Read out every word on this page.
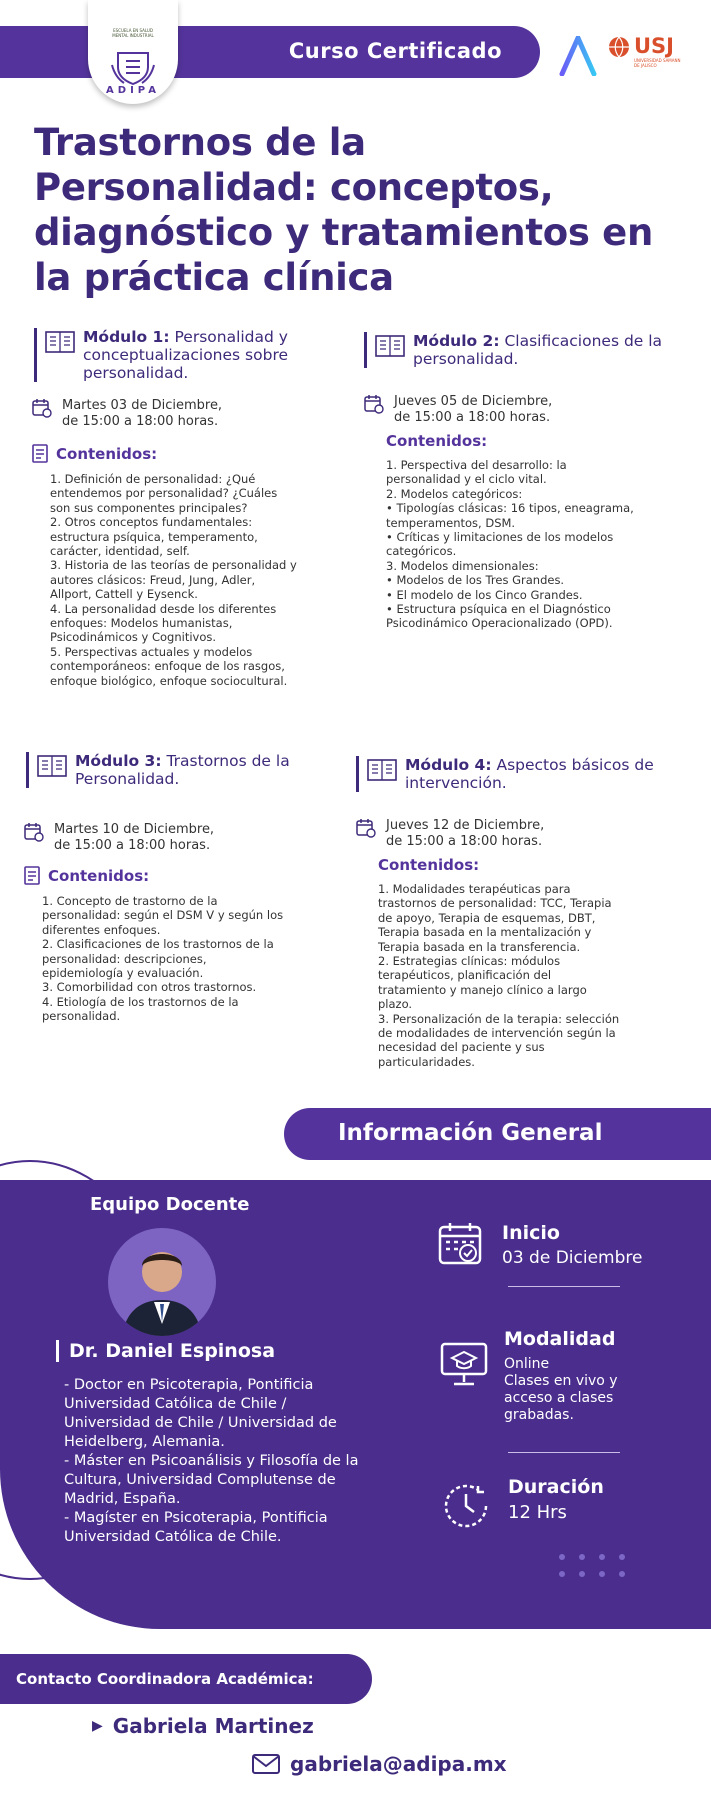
Curso Certificado
ESCUELA EN SALUD MENTAL INDUSTRIAL
ADIPA
USJ
UNIVERSIDAD SAMANN DE JALISCO
Trastornos de la Personalidad: conceptos, diagnóstico y tratamientos en la práctica clínica
Módulo 1: Personalidad y conceptualizaciones sobre personalidad.
Martes 03 de Diciembre,
de 15:00 a 18:00 horas.
Contenidos:
1. Definición de personalidad: ¿Qué
entendemos por personalidad? ¿Cuáles
son sus componentes principales?
2. Otros conceptos fundamentales:
estructura psíquica, temperamento,
carácter, identidad, self.
3. Historia de las teorías de personalidad y
autores clásicos: Freud, Jung, Adler,
Allport, Cattell y Eysenck.
4. La personalidad desde los diferentes
enfoques: Modelos humanistas,
Psicodinámicos y Cognitivos.
5. Perspectivas actuales y modelos
contemporáneos: enfoque de los rasgos,
enfoque biológico, enfoque sociocultural.
Módulo 2: Clasificaciones de la personalidad.
Jueves 05 de Diciembre,
de 15:00 a 18:00 horas.
Contenidos:
1. Perspectiva del desarrollo: la
personalidad y el ciclo vital.
2. Modelos categóricos:
• Tipologías clásicas: 16 tipos, eneagrama,
temperamentos, DSM.
• Críticas y limitaciones de los modelos
categóricos.
3. Modelos dimensionales:
• Modelos de los Tres Grandes.
• El modelo de los Cinco Grandes.
• Estructura psíquica en el Diagnóstico
Psicodinámico Operacionalizado (OPD).
Módulo 3: Trastornos de la Personalidad.
Martes 10 de Diciembre,
de 15:00 a 18:00 horas.
Contenidos:
1. Concepto de trastorno de la
personalidad: según el DSM V y según los
diferentes enfoques.
2. Clasificaciones de los trastornos de la
personalidad: descripciones,
epidemiología y evaluación.
3. Comorbilidad con otros trastornos.
4. Etiología de los trastornos de la
personalidad.
Módulo 4: Aspectos básicos de intervención.
Jueves 12 de Diciembre,
de 15:00 a 18:00 horas.
Contenidos:
1. Modalidades terapéuticas para
trastornos de personalidad: TCC, Terapia
de apoyo, Terapia de esquemas, DBT,
Terapia basada en la mentalización y
Terapia basada en la transferencia.
2. Estrategias clínicas: módulos
terapéuticos, planificación del
tratamiento y manejo clínico a largo
plazo.
3. Personalización de la terapia: selección
de modalidades de intervención según la
necesidad del paciente y sus
particularidades.
Información General
Equipo Docente
Dr. Daniel Espinosa
- Doctor en Psicoterapia, Pontificia
Universidad Católica de Chile /
Universidad de Chile / Universidad de
Heidelberg, Alemania.
- Máster en Psicoanálisis y Filosofía de la
Cultura, Universidad Complutense de
Madrid, España.
- Magíster en Psicoterapia, Pontificia
Universidad Católica de Chile.
Inicio
03 de Diciembre
Modalidad
Online
Clases en vivo y
acceso a clases
grabadas.
Duración
12 Hrs
Contacto Coordinadora Académica:
▶ Gabriela Martinez
gabriela@adipa.mx
